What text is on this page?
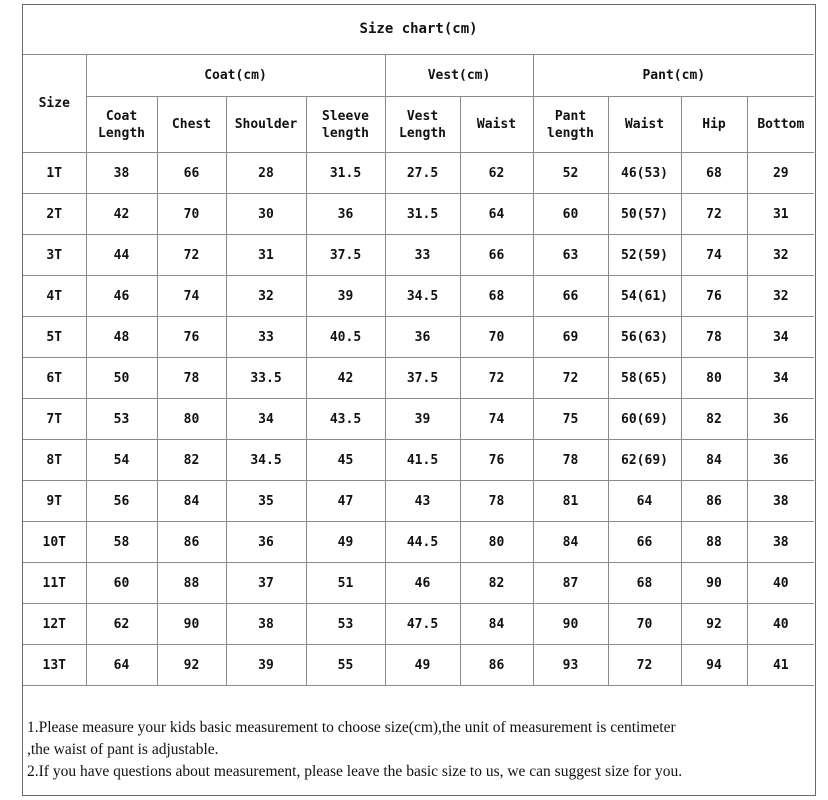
Size chart(cm)										
Size	Coat(cm)				Vest(cm)		Pant(cm)			
	Coat Length	Chest	Shoulder	Sleeve length	Vest Length	Waist	Pant length	Waist	Hip	Bottom
1T	38	66	28	31.5	27.5	62	52	46(53)	68	29
2T	42	70	30	36	31.5	64	60	50(57)	72	31
3T	44	72	31	37.5	33	66	63	52(59)	74	32
4T	46	74	32	39	34.5	68	66	54(61)	76	32
5T	48	76	33	40.5	36	70	69	56(63)	78	34
6T	50	78	33.5	42	37.5	72	72	58(65)	80	34
7T	53	80	34	43.5	39	74	75	60(69)	82	36
8T	54	82	34.5	45	41.5	76	78	62(69)	84	36
9T	56	84	35	47	43	78	81	64	86	38
10T	58	86	36	49	44.5	80	84	66	88	38
11T	60	88	37	51	46	82	87	68	90	40
12T	62	90	38	53	47.5	84	90	70	92	40
13T	64	92	39	55	49	86	93	72	94	41

1.Please measure your kids basic measurement to choose size(cm),the unit of measurement is centimeter

,the waist of pant is adjustable.

2.If you have questions about measurement, please leave the basic size to us, we can suggest size for you.
